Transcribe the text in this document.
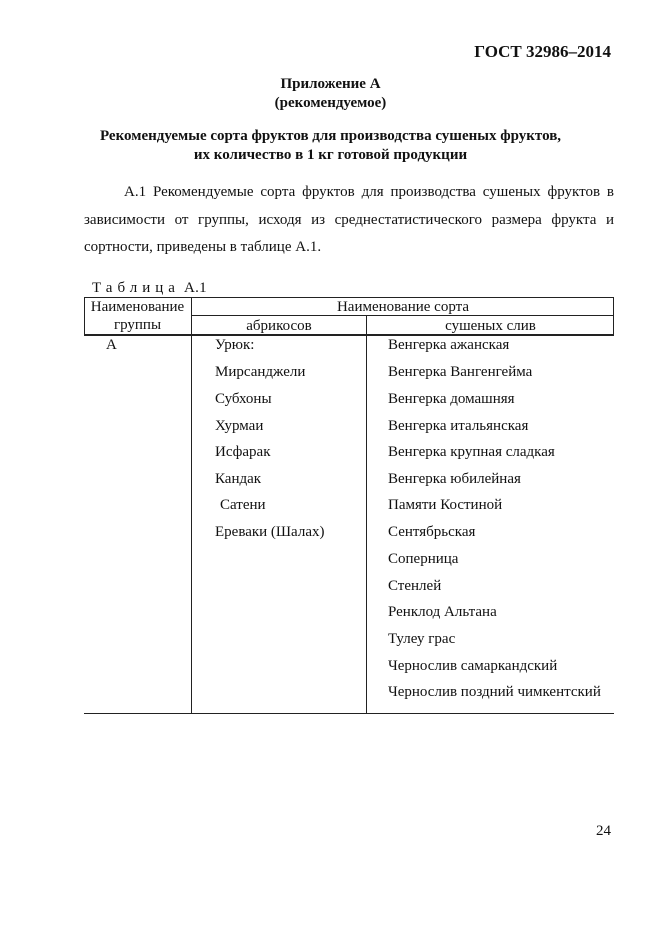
ГОСТ 32986–2014
Приложение А
(рекомендуемое)
Рекомендуемые сорта фруктов для производства сушеных фруктов,
их количество в 1 кг готовой продукции
А.1 Рекомендуемые сорта фруктов для производства сушеных фруктов в зависимости от группы, исходя из среднестатистического размера фрукта и сортности, приведены в таблице А.1.
Таблица А.1
Наименование
группы
Наименование сорта
абрикосов	сушеных слив
А	Урюк:
Мирсанджели
Субхоны
Хурмаи
Исфарак
Кандак
Сатени
Ереваки (Шалах)
Венгерка ажанская
Венгерка Вангенгейма
Венгерка домашняя
Венгерка итальянская
Венгерка крупная сладкая
Венгерка юбилейная
Памяти Костиной
Сентябрьская
Соперница
Стенлей
Ренклод Альтана
Тулеу грас
Чернослив самаркандский
Чернослив поздний чимкентский
24
